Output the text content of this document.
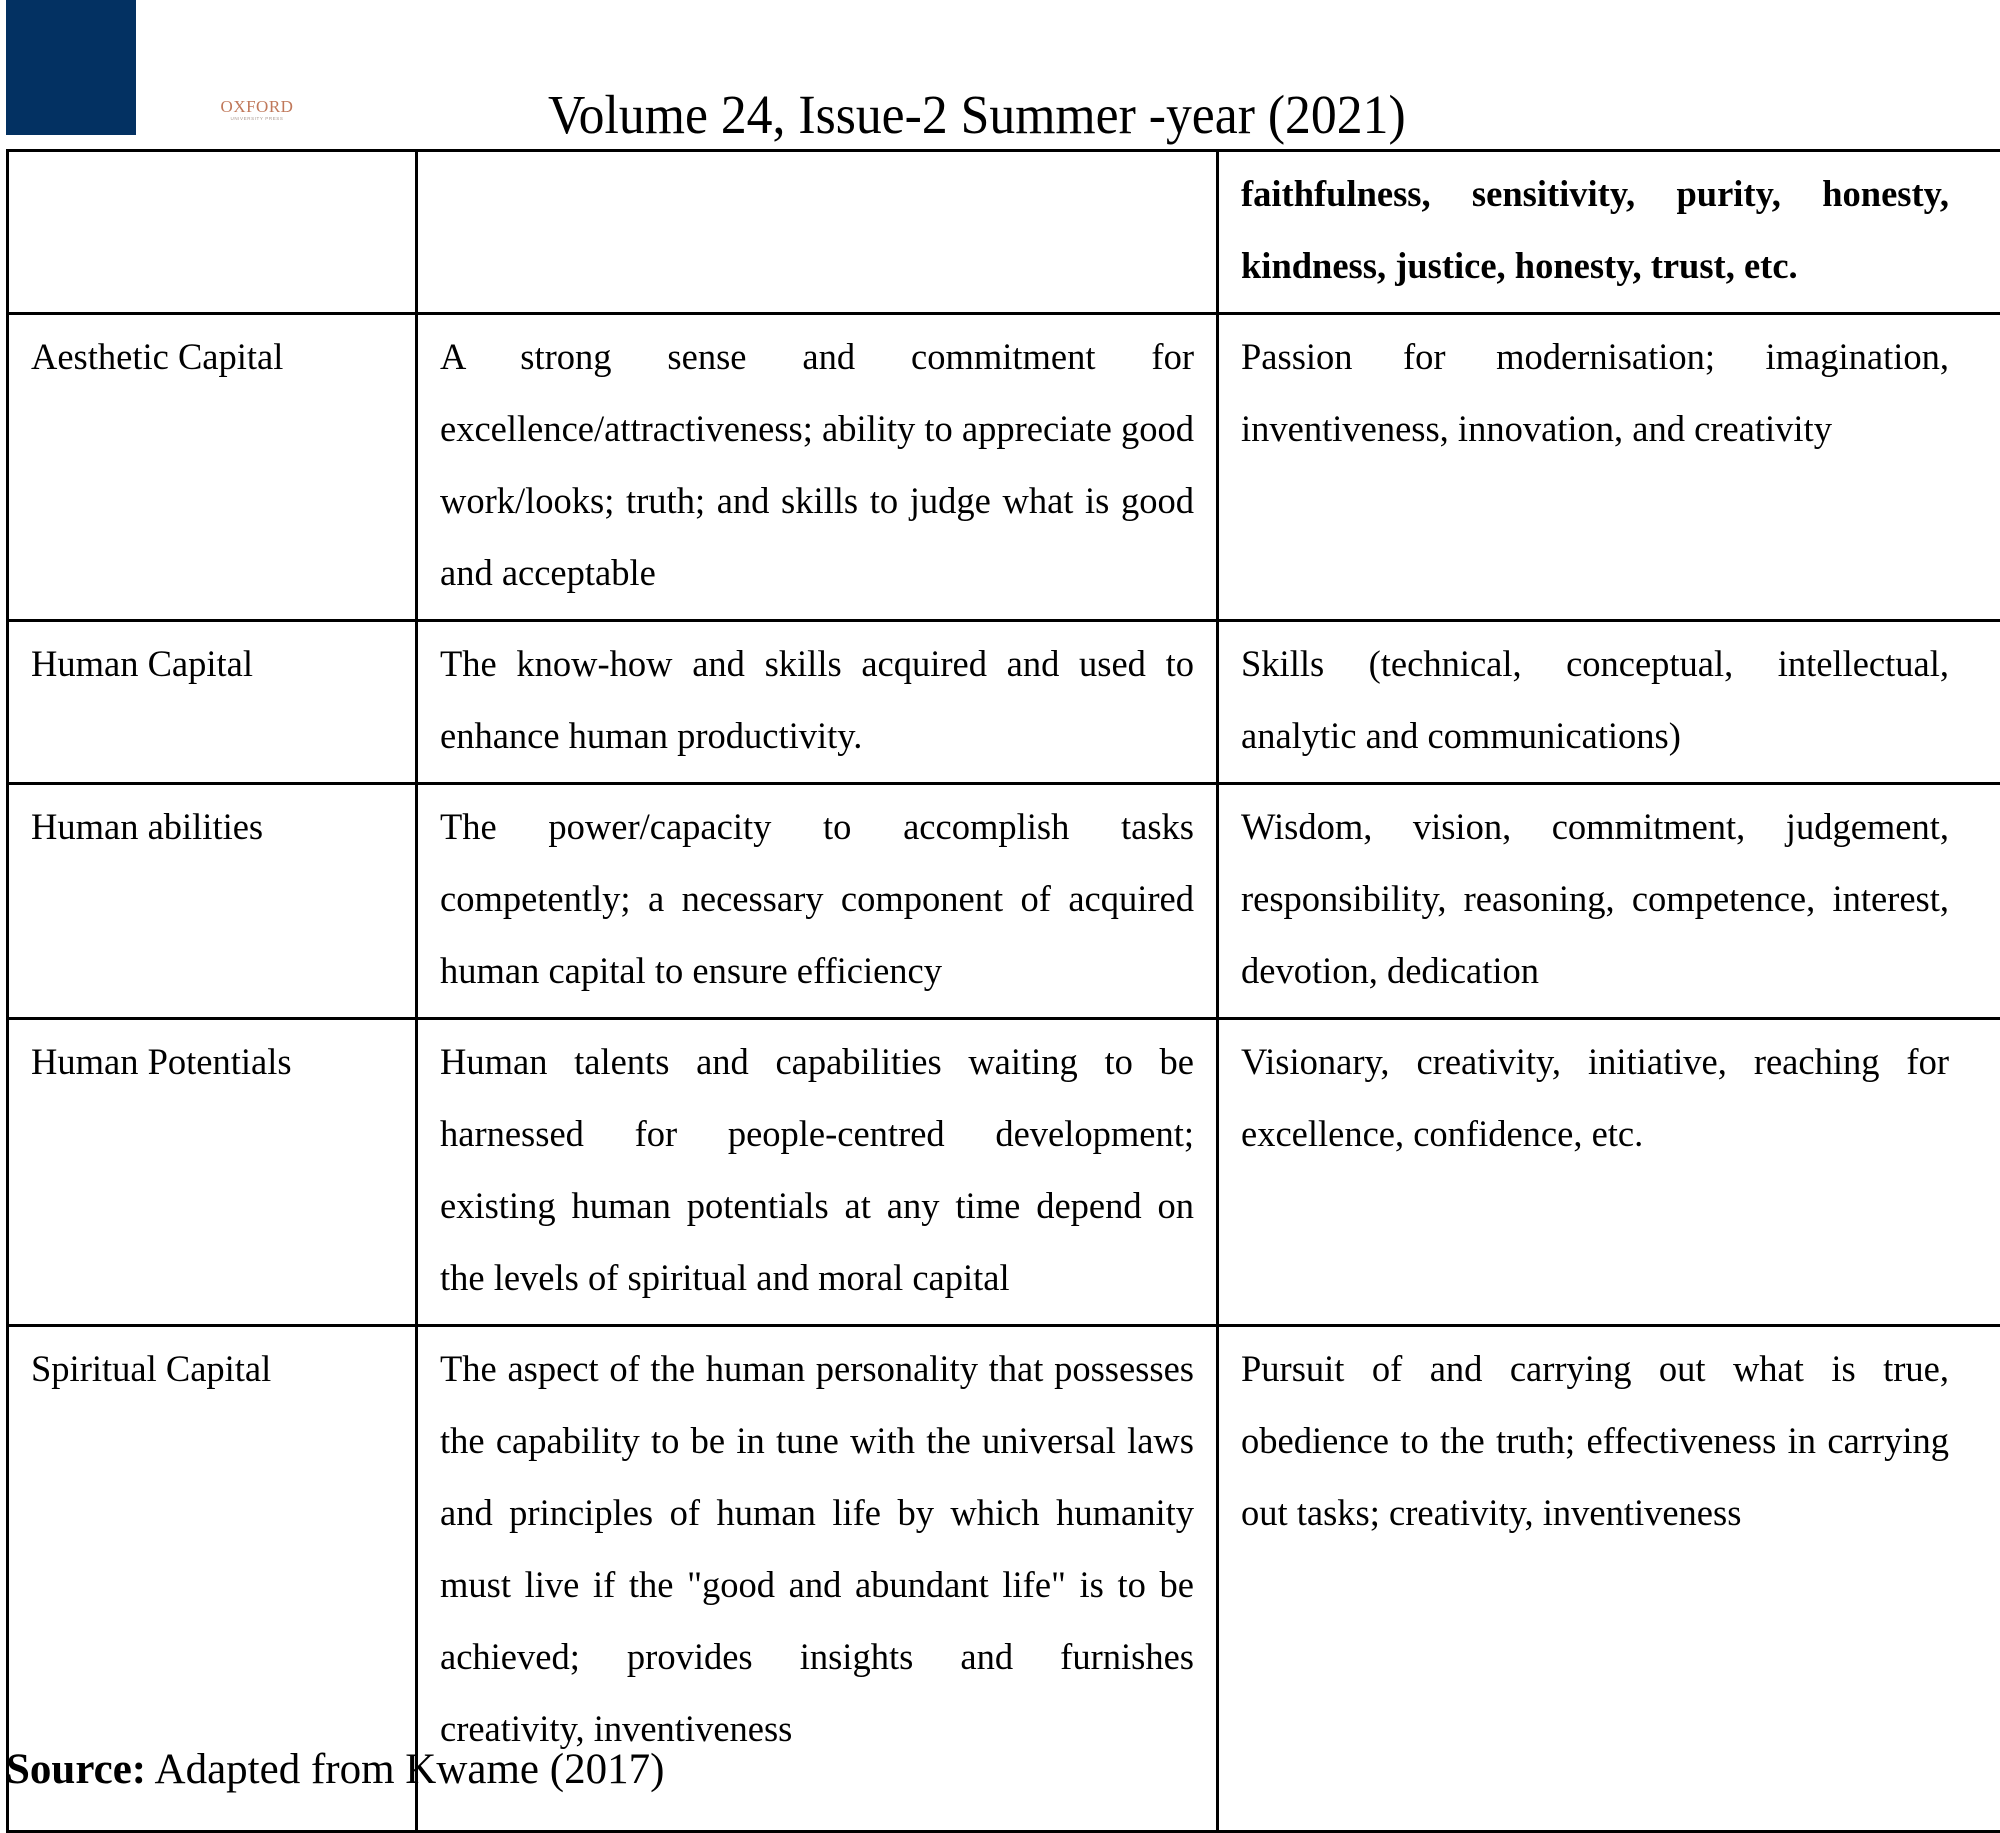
OXFORD
UNIVERSITY PRESS	Volume 24, Issue-2 Summer -year (2021)
		faithfulness, sensitivity, purity, honesty, kindness, justice, honesty, trust, etc.
Aesthetic Capital	A strong sense and commitment for excellence/attractiveness; ability to appreciate good work/looks; truth; and skills to judge what is good and acceptable	Passion for modernisation; imagination, inventiveness, innovation, and creativity
Human Capital	The know-how and skills acquired and used to enhance human productivity.	Skills (technical, conceptual, intellectual, analytic and communications)
Human abilities	The power/capacity to accomplish tasks competently; a necessary component of acquired human capital to ensure efficiency	Wisdom, vision, commitment, judgement, responsibility, reasoning, competence, interest, devotion, dedication
Human Potentials	Human talents and capabilities waiting to be harnessed for people-centred development; existing human potentials at any time depend on the levels of spiritual and moral capital	Visionary, creativity, initiative, reaching for excellence, confidence, etc.
Spiritual Capital	The aspect of the human personality that possesses the capability to be in tune with the universal laws and principles of human life by which humanity must live if the "good and abundant life" is to be achieved; provides insights and furnishes creativity, inventiveness	Pursuit of and carrying out what is true, obedience to the truth; effectiveness in carrying out tasks; creativity, inventiveness
Source: Adapted from Kwame (2017)
